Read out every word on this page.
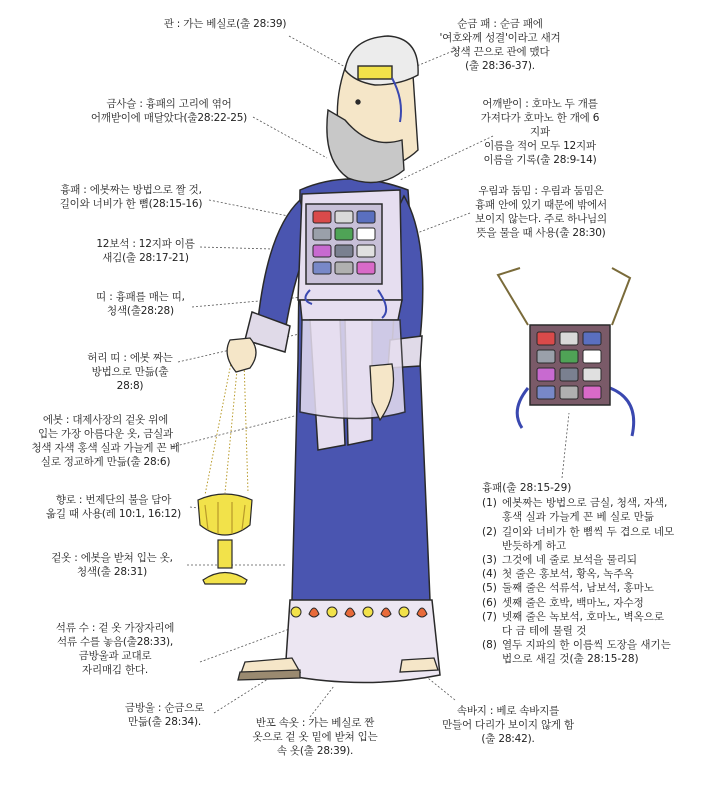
관 : 가는 베실로(출 28:39)	순금 패 : 순금 패에
'여호와께 성결'이라고 새겨
청색 끈으로 관에 맸다
(출 28:36-37).
금사슬 : 흉패의 고리에 엮어
어깨받이에 매달았다(출28:22-25)
어깨받이 : 호마노 두 개를
가져다가 호마노 한 개에 6지파
이름을 적어 모두 12지파
이름을 기록(출 28:9-14)
흉패 : 에봇짜는 방법으로 짤 것,
길이와 너비가 한 뼘(28:15-16)
우림과 둠밈 : 우림과 둠밈은
흉패 안에 있기 때문에 밖에서
보이지 않는다. 주로 하나님의
뜻을 물을 때 사용(출 28:30)
12보석 : 12지파 이름
새김(출 28:17-21)
띠 : 흉패를 매는 띠,
청색(출28:28)
허리 띠 : 에봇 짜는
방법으로 만듦(출 28:8)
에봇 : 대제사장의 겉옷 위에
입는 가장 아름다운 옷, 금실과
청색 자색 홍색 실과 가늘게 꼰 베
실로 정교하게 만듦(출 28:6)
향로 : 번제단의 불을 담아
옮길 때 사용(레 10:1, 16:12)
겉옷 : 에봇을 받쳐 입는 옷,
청색(출 28:31)
석류 수 : 겉 옷 가장자리에
석류 수를 놓음(출28:33),
금방울과 교대로
자리매김 한다.
금방울 : 순금으로
만듦(출 28:34).	반포 속옷 : 가는 베실로 짠
옷으로 겉 옷 밑에 받쳐 입는
속 옷(출 28:39).
속바지 : 베로 속바지를
만들어 다리가 보이지 않게 함
(출 28:42).
흉패(출 28:15-29)
(1) 에봇짜는 방법으로 금실, 청색, 자색,
홍색 실과 가늘게 꼰 베 실로 만듦
(2) 길이와 너비가 한 뼘씩 두 겹으로 네모
반듯하게 하고
(3) 그것에 네 줄로 보석을 물리되
(4) 첫 줄은 홍보석, 황옥, 녹주옥
(5) 둘째 줄은 석류석, 남보석, 홍마노
(6) 셋째 줄은 호박, 백마노, 자수정
(7) 넷째 줄은 녹보석, 호마노, 벽옥으로
다 금 테에 물릴 것
(8) 열두 지파의 한 이름씩 도장을 새기는
법으로 새길 것(출 28:15-28)
